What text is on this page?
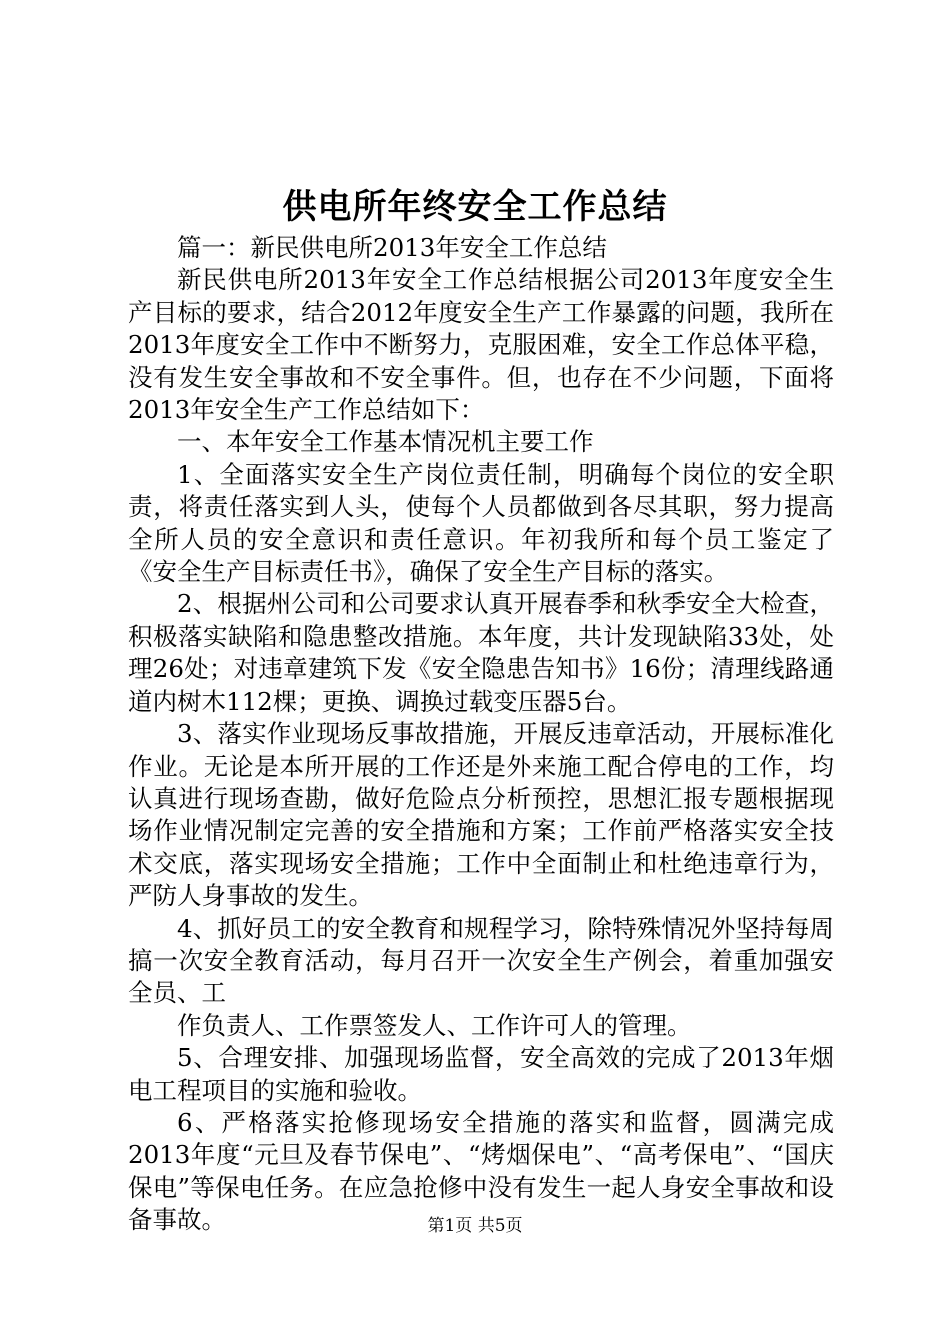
供电所年终安全工作总结

篇一：新民供电所2013年安全工作总结

新民供电所2013年安全工作总结根据公司2013年度安全生产目标的要求，结合2012年度安全生产工作暴露的问题，我所在2013年度安全工作中不断努力，克服困难，安全工作总体平稳，没有发生安全事故和不安全事件。但，也存在不少问题，下面将2013年安全生产工作总结如下：

一、本年安全工作基本情况机主要工作

1、全面落实安全生产岗位责任制，明确每个岗位的安全职责，将责任落实到人头，使每个人员都做到各尽其职，努力提高全所人员的安全意识和责任意识。年初我所和每个员工鉴定了《安全生产目标责任书》，确保了安全生产目标的落实。

2、根据州公司和公司要求认真开展春季和秋季安全大检查，积极落实缺陷和隐患整改措施。本年度，共计发现缺陷33处，处理26处；对违章建筑下发《安全隐患告知书》16份；清理线路通道内树木112棵；更换、调换过载变压器5台。

3、落实作业现场反事故措施，开展反违章活动，开展标准化作业。无论是本所开展的工作还是外来施工配合停电的工作，均认真进行现场查勘，做好危险点分析预控，思想汇报专题根据现场作业情况制定完善的安全措施和方案；工作前严格落实安全技术交底，落实现场安全措施；工作中全面制止和杜绝违章行为，严防人身事故的发生。

4、抓好员工的安全教育和规程学习，除特殊情况外坚持每周搞一次安全教育活动，每月召开一次安全生产例会，着重加强安全员、工

作负责人、工作票签发人、工作许可人的管理。

5、合理安排、加强现场监督，安全高效的完成了2013年烟电工程项目的实施和验收。

6、严格落实抢修现场安全措施的落实和监督，圆满完成2013年度“元旦及春节保电”、“烤烟保电”、“高考保电”、“国庆保电”等保电任务。在应急抢修中没有发生一起人身安全事故和设备事故。	第1页 共5页
